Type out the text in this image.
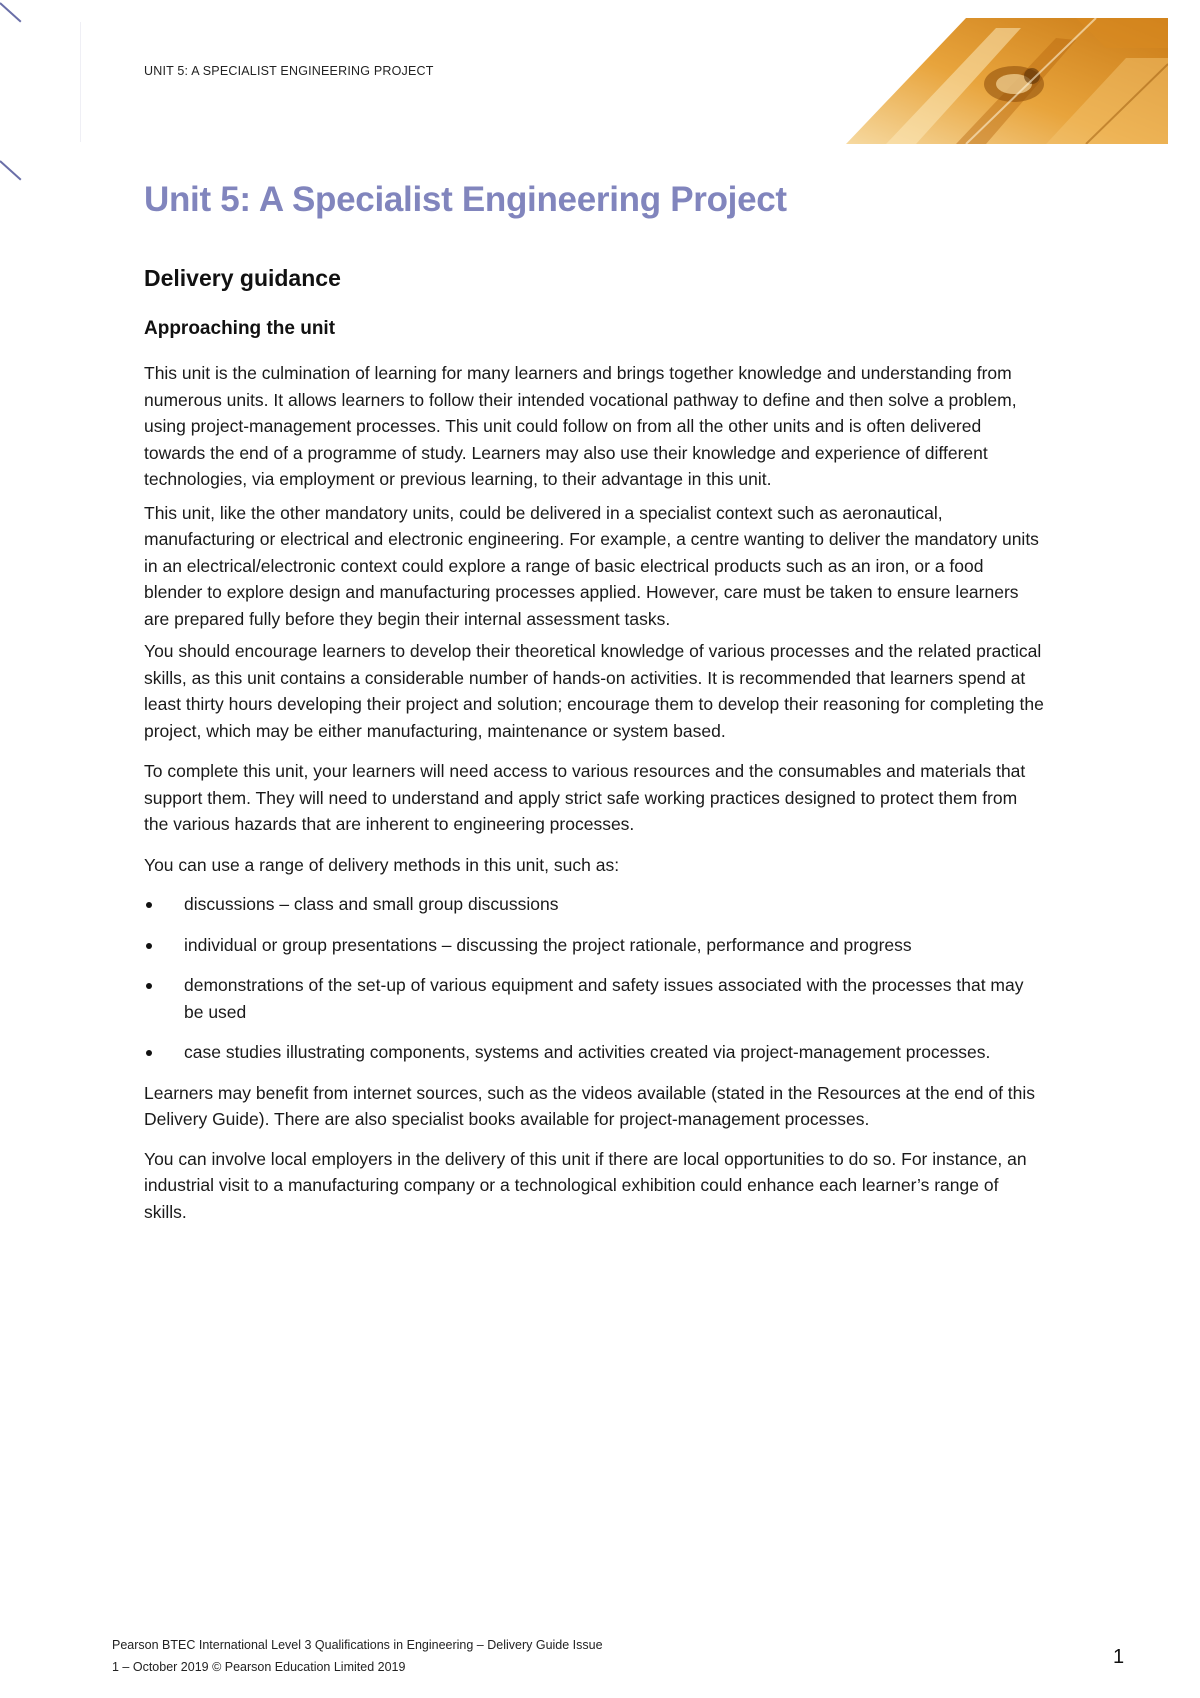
UNIT 5: A SPECIALIST ENGINEERING PROJECT
Unit 5: A Specialist Engineering Project
Delivery guidance
Approaching the unit

This unit is the culmination of learning for many learners and brings together knowledge and understanding from numerous units. It allows learners to follow their intended vocational pathway to define and then solve a problem, using project-management processes. This unit could follow on from all the other units and is often delivered towards the end of a programme of study. Learners may also use their knowledge and experience of different technologies, via employment or previous learning, to their advantage in this unit.

This unit, like the other mandatory units, could be delivered in a specialist context such as aeronautical, manufacturing or electrical and electronic engineering. For example, a centre wanting to deliver the mandatory units in an electrical/electronic context could explore a range of basic electrical products such as an iron, or a food blender to explore design and manufacturing processes applied. However, care must be taken to ensure learners are prepared fully before they begin their internal assessment tasks.

You should encourage learners to develop their theoretical knowledge of various processes and the related practical skills, as this unit contains a considerable number of hands-on activities. It is recommended that learners spend at least thirty hours developing their project and solution; encourage them to develop their reasoning for completing the project, which may be either manufacturing, maintenance or system based.

To complete this unit, your learners will need access to various resources and the consumables and materials that support them. They will need to understand and apply strict safe working practices designed to protect them from the various hazards that are inherent to engineering processes.

You can use a range of delivery methods in this unit, such as:

discussions – class and small group discussions
individual or group presentations – discussing the project rationale, performance and progress
demonstrations of the set-up of various equipment and safety issues associated with the processes that may be used
case studies illustrating components, systems and activities created via project-management processes.

Learners may benefit from internet sources, such as the videos available (stated in the Resources at the end of this Delivery Guide). There are also specialist books available for project-management processes.

You can involve local employers in the delivery of this unit if there are local opportunities to do so. For instance, an industrial visit to a manufacturing company or a technological exhibition could enhance each learner’s range of skills.

Pearson BTEC International Level 3 Qualifications in Engineering – Delivery Guide Issue
1 – October 2019 © Pearson Education Limited 2019	1
